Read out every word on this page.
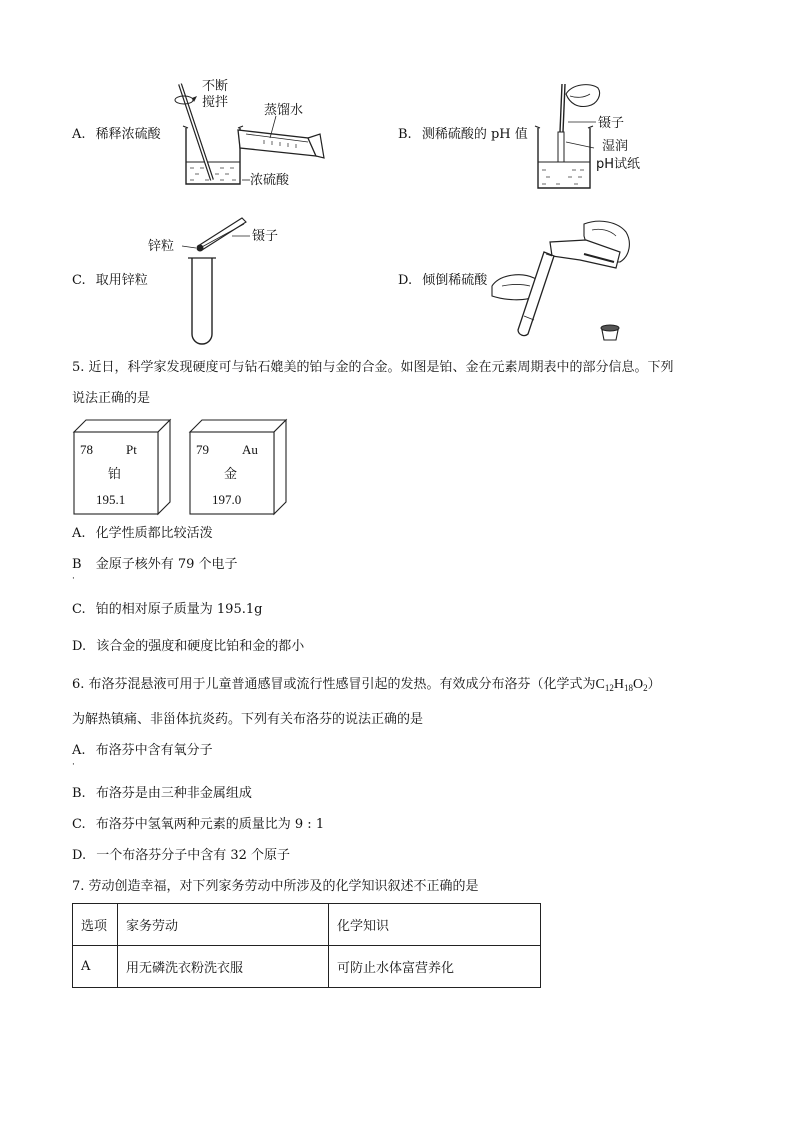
A. 稀释浓硫酸
不断
搅拌
蒸馏水
浓硫酸
B. 测稀硫酸的 pH 值
镊子
湿润
pH试纸
C. 取用锌粒
锌粒
镊子
D. 倾倒稀硫酸
5. 近日，科学家发现硬度可与钻石媲美的铂与金的合金。如图是铂、金在元素周期表中的部分信息。下列
说法正确的是
78	Pt
铂
195.1
79	Au
金
197.0
A. 化学性质都比较活泼
B 金原子核外有 79 个电子
·
C. 铂的相对原子质量为 195.1g
D. 该合金的强度和硬度比铂和金的都小
6. 布洛芬混悬液可用于儿童普通感冒或流行性感冒引起的发热。有效成分布洛芬（化学式为$C_{12}H_{18}O_2$）
为解热镇痛、非甾体抗炎药。下列有关布洛芬的说法正确的是
A. 布洛芬中含有氧分子
·
B. 布洛芬是由三种非金属组成
C. 布洛芬中氢氧两种元素的质量比为 9 : 1
D. 一个布洛芬分子中含有 32 个原子
7. 劳动创造幸福，对下列家务劳动中所涉及的化学知识叙述不正确的是
选项	家务劳动	化学知识
A	用无磷洗衣粉洗衣服	可防止水体富营养化
